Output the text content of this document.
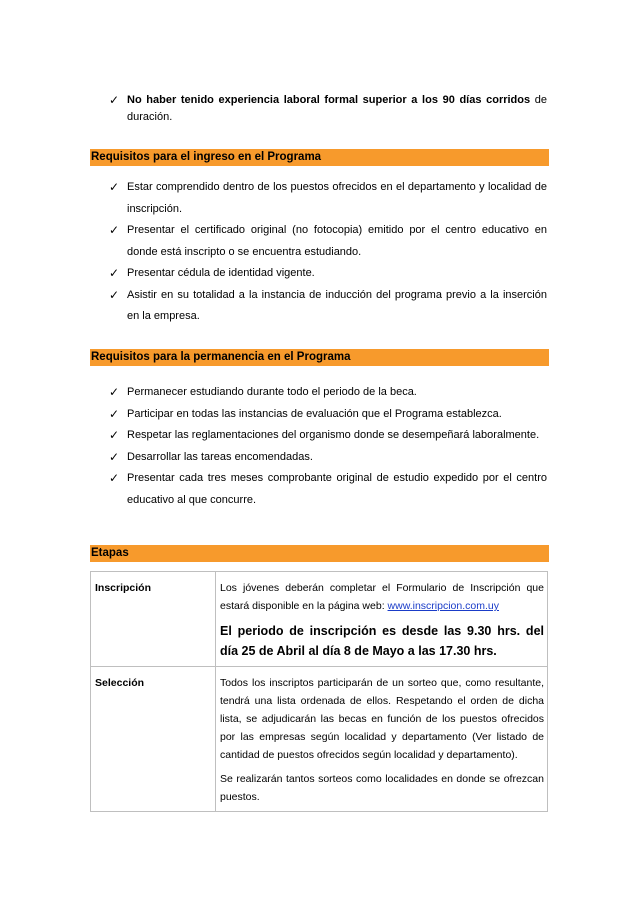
✓ No haber tenido experiencia laboral formal superior a los 90 días corridos de duración.
Requisitos para el ingreso en el Programa
✓ Estar comprendido dentro de los puestos ofrecidos en el departamento y localidad de inscripción.
✓ Presentar el certificado original (no fotocopia) emitido por el centro educativo en donde está inscripto o se encuentra estudiando.
✓ Presentar cédula de identidad vigente.
✓ Asistir en su totalidad a la instancia de inducción del programa previo a la inserción en la empresa.
Requisitos para la permanencia en el Programa
✓ Permanecer estudiando durante todo el periodo de la beca.
✓ Participar en todas las instancias de evaluación que el Programa establezca.
✓ Respetar las reglamentaciones del organismo donde se desempeñará laboralmente.
✓ Desarrollar las tareas encomendadas.
✓ Presentar cada tres meses comprobante original de estudio expedido por el centro educativo al que concurre.
Etapas
Inscripción	Los jóvenes deberán completar el Formulario de Inscripción que estará disponible en la página web: www.inscripcion.com.uy
El periodo de inscripción es desde las 9.30 hrs. del día 25 de Abril al día 8 de Mayo a las 17.30 hrs.

Selección	Todos los inscriptos participarán de un sorteo que, como resultante, tendrá una lista ordenada de ellos. Respetando el orden de dicha lista, se adjudicarán las becas en función de los puestos ofrecidos por las empresas según localidad y departamento (Ver listado de cantidad de puestos ofrecidos según localidad y departamento).
Se realizarán tantos sorteos como localidades en donde se ofrezcan puestos.
